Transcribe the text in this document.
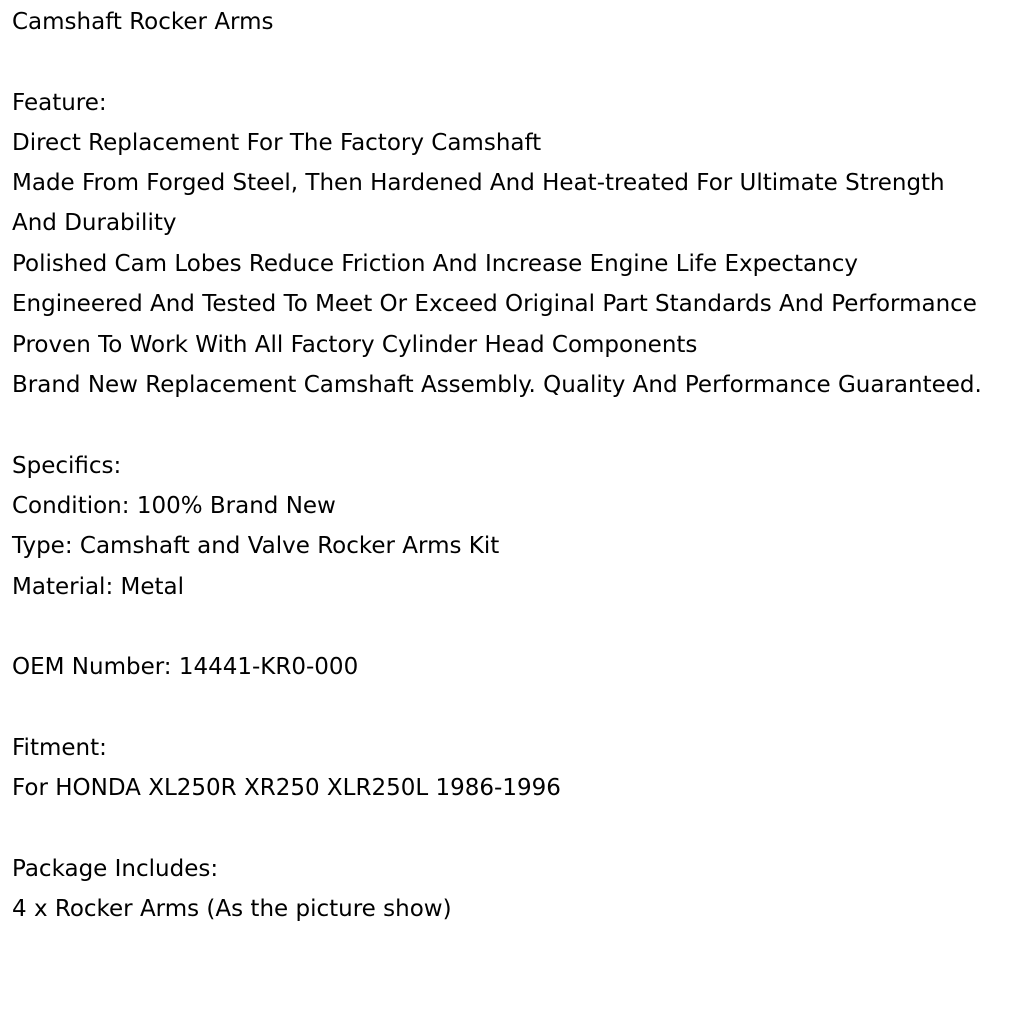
Camshaft Rocker Arms
Feature:
Direct Replacement For The Factory Camshaft
Made From Forged Steel, Then Hardened And Heat-treated For Ultimate Strength
And Durability
Polished Cam Lobes Reduce Friction And Increase Engine Life Expectancy
Engineered And Tested To Meet Or Exceed Original Part Standards And Performance
Proven To Work With All Factory Cylinder Head Components
Brand New Replacement Camshaft Assembly. Quality And Performance Guaranteed.
Specifics:
Condition: 100% Brand New
Type: Camshaft and Valve Rocker Arms Kit
Material: Metal
OEM Number: 14441-KR0-000
Fitment:
For HONDA XL250R XR250 XLR250L 1986-1996
Package Includes:
4 x Rocker Arms (As the picture show)
